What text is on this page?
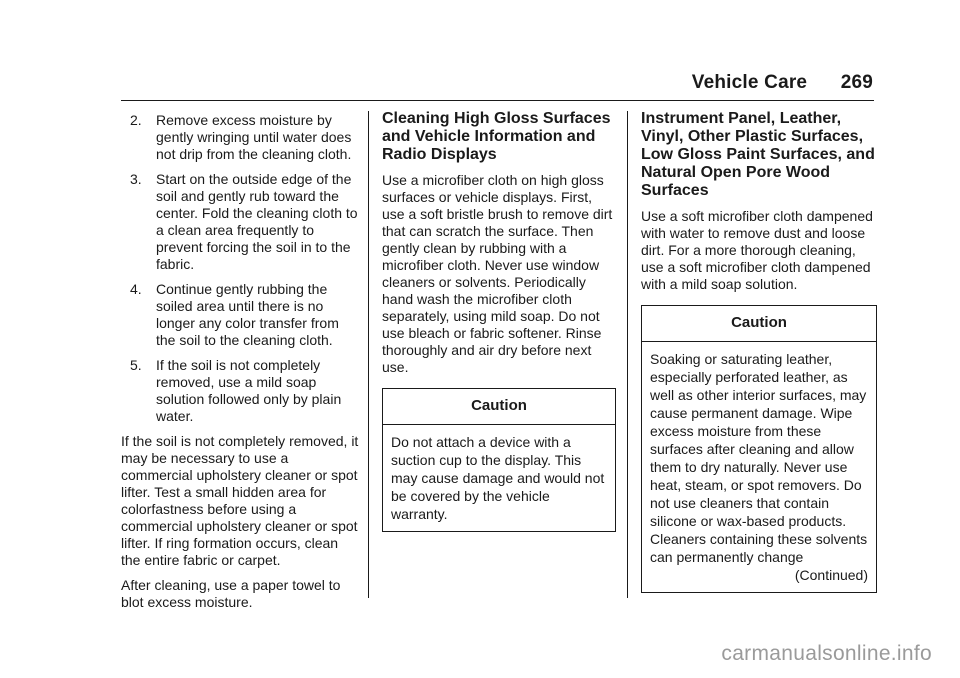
Vehicle Care 269
2. Remove excess moisture by gently wringing until water does not drip from the cleaning cloth.
3. Start on the outside edge of the soil and gently rub toward the center. Fold the cleaning cloth to a clean area frequently to prevent forcing the soil in to the fabric.
4. Continue gently rubbing the soiled area until there is no longer any color transfer from the soil to the cleaning cloth.
5. If the soil is not completely removed, use a mild soap solution followed only by plain water.

If the soil is not completely removed, it may be necessary to use a commercial upholstery cleaner or spot lifter. Test a small hidden area for colorfastness before using a commercial upholstery cleaner or spot lifter. If ring formation occurs, clean the entire fabric or carpet.

After cleaning, use a paper towel to blot excess moisture.

Cleaning High Gloss Surfaces and Vehicle Information and Radio Displays

Use a microfiber cloth on high gloss surfaces or vehicle displays. First, use a soft bristle brush to remove dirt that can scratch the surface. Then gently clean by rubbing with a microfiber cloth. Never use window cleaners or solvents. Periodically hand wash the microfiber cloth separately, using mild soap. Do not use bleach or fabric softener. Rinse thoroughly and air dry before next use.

Caution
Do not attach a device with a suction cup to the display. This may cause damage and would not be covered by the vehicle warranty.
Instrument Panel, Leather, Vinyl, Other Plastic Surfaces, Low Gloss Paint Surfaces, and Natural Open Pore Wood Surfaces

Use a soft microfiber cloth dampened with water to remove dust and loose dirt. For a more thorough cleaning, use a soft microfiber cloth dampened with a mild soap solution.

Caution
Soaking or saturating leather, especially perforated leather, as well as other interior surfaces, may cause permanent damage. Wipe excess moisture from these surfaces after cleaning and allow them to dry naturally. Never use heat, steam, or spot removers. Do not use cleaners that contain silicone or wax-based products. Cleaners containing these solvents can permanently change
(Continued)
carmanualsonline.info
